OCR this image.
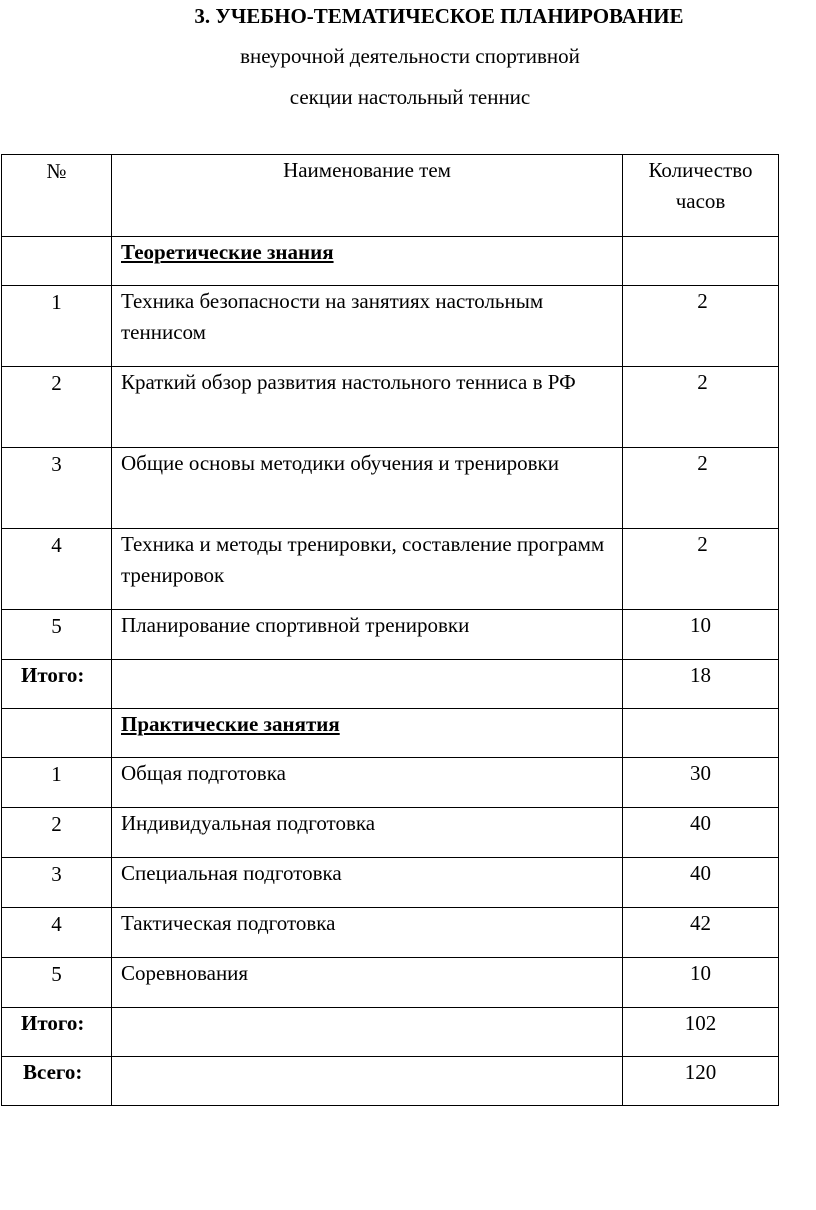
3. УЧЕБНО-ТЕМАТИЧЕСКОЕ ПЛАНИРОВАНИЕ
внеурочной деятельности спортивной
секции настольный теннис
№	Наименование тем	Количество часов
	Теоретические знания	
1	Техника безопасности на занятиях настольным теннисом	2

2	Краткий обзор развития настольного тенниса в РФ	2

3	Общие основы методики обучения и тренировки	2

4	Техника и методы тренировки, составление программ тренировок	2

5	Планирование спортивной тренировки	10
Итого:		18
	Практические занятия	
1	Общая подготовка	30
2	Индивидуальная подготовка	40
3	Специальная подготовка	40
4	Тактическая подготовка	42
5	Соревнования	10
Итого:		102
Всего:		120
